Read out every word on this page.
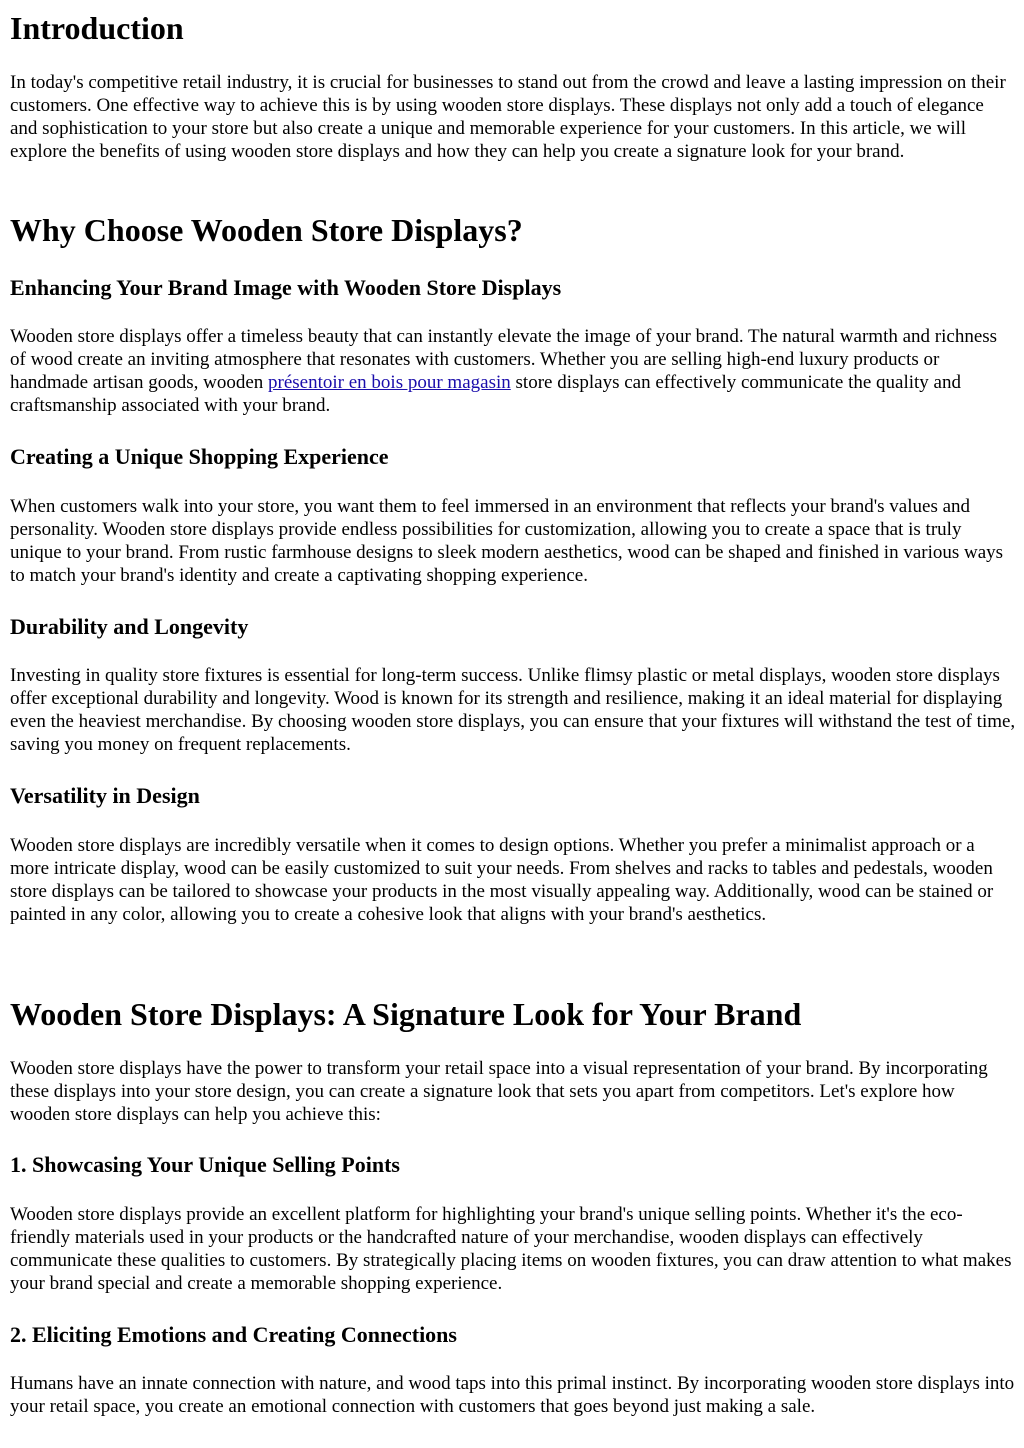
Introduction

In today's competitive retail industry, it is crucial for businesses to stand out from the crowd and leave a lasting impression on their customers. One effective way to achieve this is by using wooden store displays. These displays not only add a touch of elegance and sophistication to your store but also create a unique and memorable experience for your customers. In this article, we will explore the benefits of using wooden store displays and how they can help you create a signature look for your brand.

Why Choose Wooden Store Displays?
Enhancing Your Brand Image with Wooden Store Displays

Wooden store displays offer a timeless beauty that can instantly elevate the image of your brand. The natural warmth and richness of wood create an inviting atmosphere that resonates with customers. Whether you are selling high-end luxury products or handmade artisan goods, wooden présentoir en bois pour magasin store displays can effectively communicate the quality and craftsmanship associated with your brand.

Creating a Unique Shopping Experience

When customers walk into your store, you want them to feel immersed in an environment that reflects your brand's values and personality. Wooden store displays provide endless possibilities for customization, allowing you to create a space that is truly unique to your brand. From rustic farmhouse designs to sleek modern aesthetics, wood can be shaped and finished in various ways to match your brand's identity and create a captivating shopping experience.

Durability and Longevity

Investing in quality store fixtures is essential for long-term success. Unlike flimsy plastic or metal displays, wooden store displays offer exceptional durability and longevity. Wood is known for its strength and resilience, making it an ideal material for displaying even the heaviest merchandise. By choosing wooden store displays, you can ensure that your fixtures will withstand the test of time, saving you money on frequent replacements.

Versatility in Design

Wooden store displays are incredibly versatile when it comes to design options. Whether you prefer a minimalist approach or a more intricate display, wood can be easily customized to suit your needs. From shelves and racks to tables and pedestals, wooden store displays can be tailored to showcase your products in the most visually appealing way. Additionally, wood can be stained or painted in any color, allowing you to create a cohesive look that aligns with your brand's aesthetics.

Wooden Store Displays: A Signature Look for Your Brand

Wooden store displays have the power to transform your retail space into a visual representation of your brand. By incorporating these displays into your store design, you can create a signature look that sets you apart from competitors. Let's explore how wooden store displays can help you achieve this:

1. Showcasing Your Unique Selling Points

Wooden store displays provide an excellent platform for highlighting your brand's unique selling points. Whether it's the eco-friendly materials used in your products or the handcrafted nature of your merchandise, wooden displays can effectively communicate these qualities to customers. By strategically placing items on wooden fixtures, you can draw attention to what makes your brand special and create a memorable shopping experience.

2. Eliciting Emotions and Creating Connections

Humans have an innate connection with nature, and wood taps into this primal instinct. By incorporating wooden store displays into your retail space, you create an emotional connection with customers that goes beyond just making a sale.
